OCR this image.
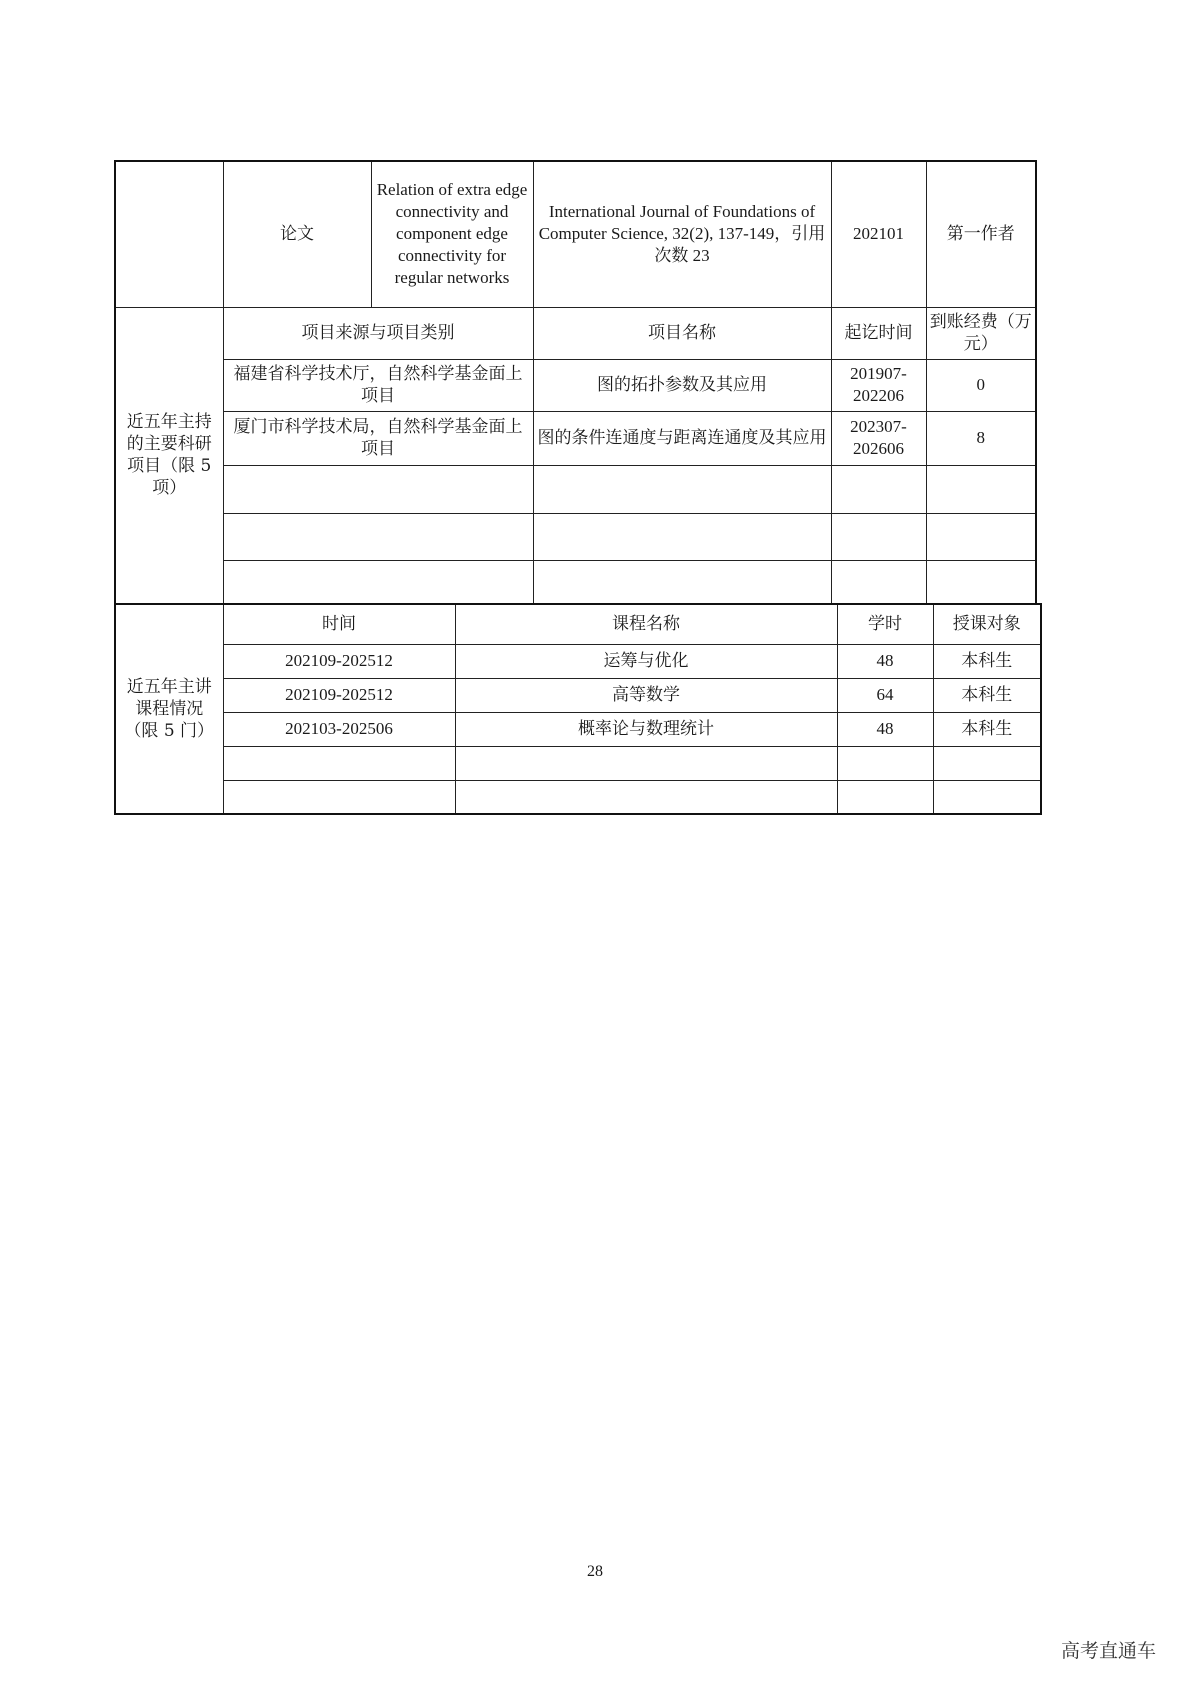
	论文	Relation of extra edge connectivity and component edge connectivity for regular networks	International Journal of Foundations of Computer Science, 32(2), 137-149，引用次数 23	202101	第一作者
近五年主持的主要科研项目（限 5 项）	项目来源与项目类别		项目名称	起讫时间	到账经费（万元）
	福建省科学技术厅，自然科学基金面上项目		图的拓扑参数及其应用	201907-202206	0
	厦门市科学技术局，自然科学基金面上项目		图的条件连通度与距离连通度及其应用	202307-202606	8

近五年主讲课程情况（限 5 门）	时间	课程名称	学时	授课对象
	202109-202512	运筹与优化	48	本科生
	202109-202512	高等数学	64	本科生
	202103-202506	概率论与数理统计	48	本科生

28
高考直通车
